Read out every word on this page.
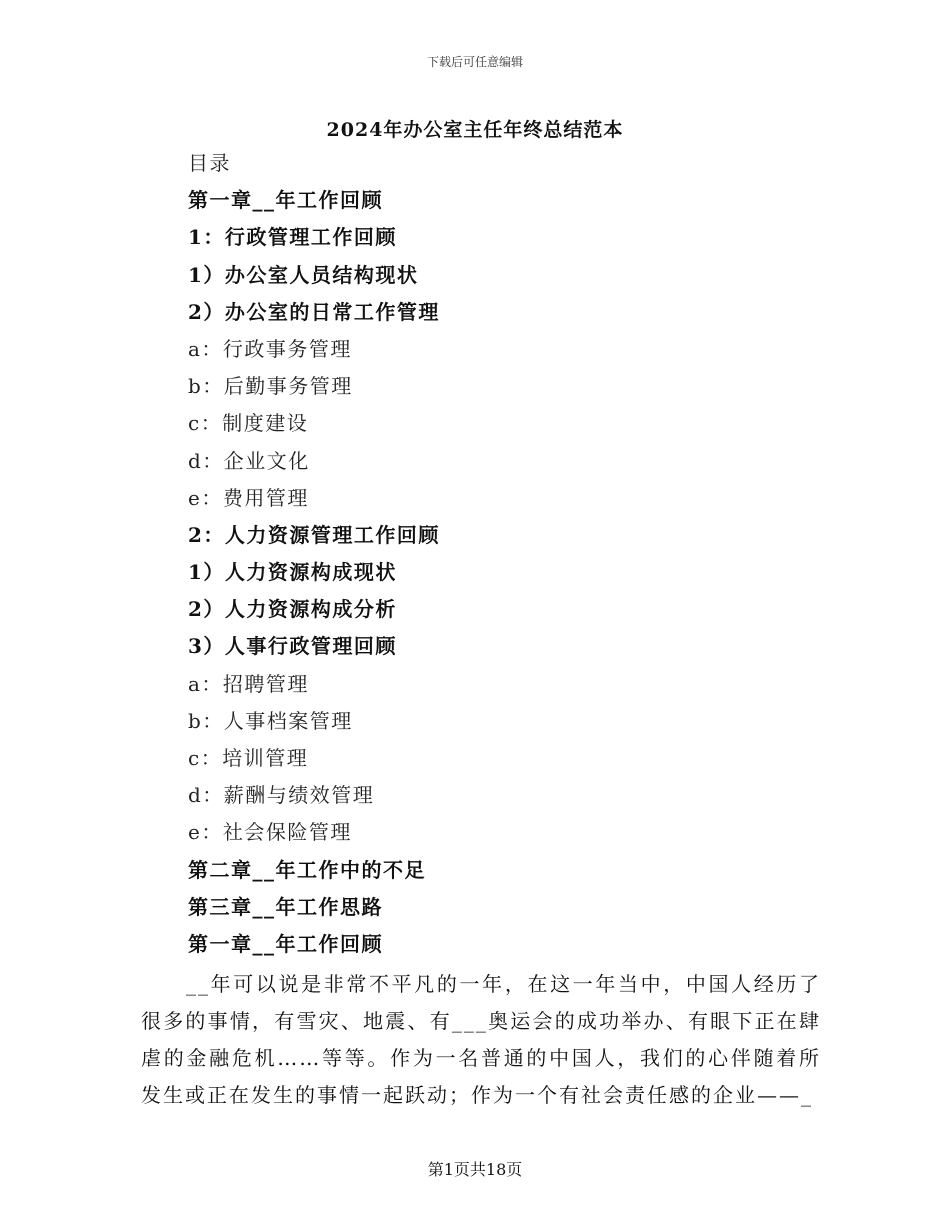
下载后可任意编辑
2024年办公室主任年终总结范本
目录
第一章__年工作回顾
1：行政管理工作回顾
1）办公室人员结构现状
2）办公室的日常工作管理
a：行政事务管理
b：后勤事务管理
c：制度建设
d：企业文化
e：费用管理
2：人力资源管理工作回顾
1）人力资源构成现状
2）人力资源构成分析
3）人事行政管理回顾
a：招聘管理
b：人事档案管理
c：培训管理
d：薪酬与绩效管理
e：社会保险管理
第二章__年工作中的不足
第三章__年工作思路
第一章__年工作回顾

__年可以说是非常不平凡的一年，在这一年当中，中国人经历了很多的事情，有雪灾、地震、有___奥运会的成功举办、有眼下正在肆虐的金融危机……等等。作为一名普通的中国人，我们的心伴随着所发生或正在发生的事情一起跃动；作为一个有社会责任感的企业——_

第1页共18页
